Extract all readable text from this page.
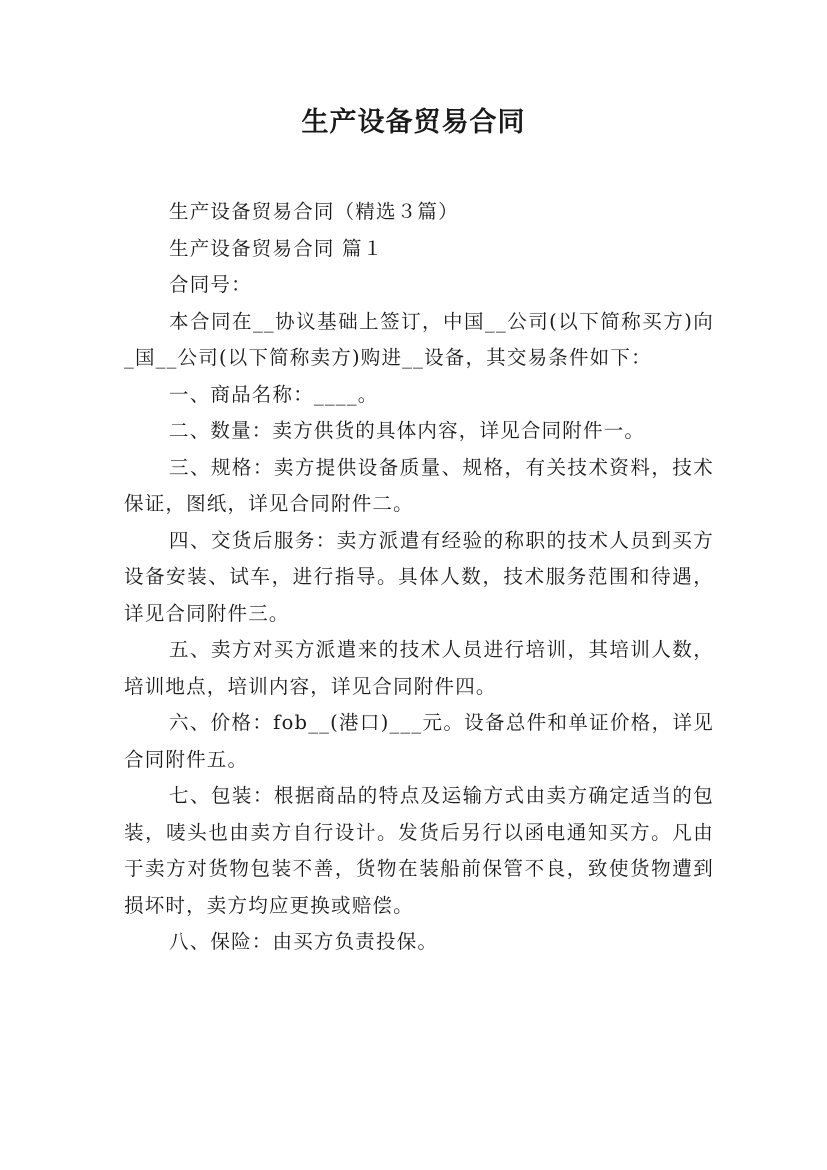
生产设备贸易合同

生产设备贸易合同（精选３篇）

生产设备贸易合同 篇１

合同号：

本合同在__协议基础上签订，中国__公司(以下简称买方)向_国__公司(以下简称卖方)购进__设备，其交易条件如下：

一、商品名称：____。

二、数量：卖方供货的具体内容，详见合同附件一。

三、规格：卖方提供设备质量、规格，有关技术资料，技术保证，图纸，详见合同附件二。

四、交货后服务：卖方派遣有经验的称职的技术人员到买方设备安装、试车，进行指导。具体人数，技术服务范围和待遇，详见合同附件三。

五、卖方对买方派遣来的技术人员进行培训，其培训人数，培训地点，培训内容，详见合同附件四。

六、价格：fob__(港口)___元。设备总件和单证价格，详见合同附件五。

七、包装：根据商品的特点及运输方式由卖方确定适当的包装，唛头也由卖方自行设计。发货后另行以函电通知买方。凡由于卖方对货物包装不善，货物在装船前保管不良，致使货物遭到损坏时，卖方均应更换或赔偿。

八、保险：由买方负责投保。
